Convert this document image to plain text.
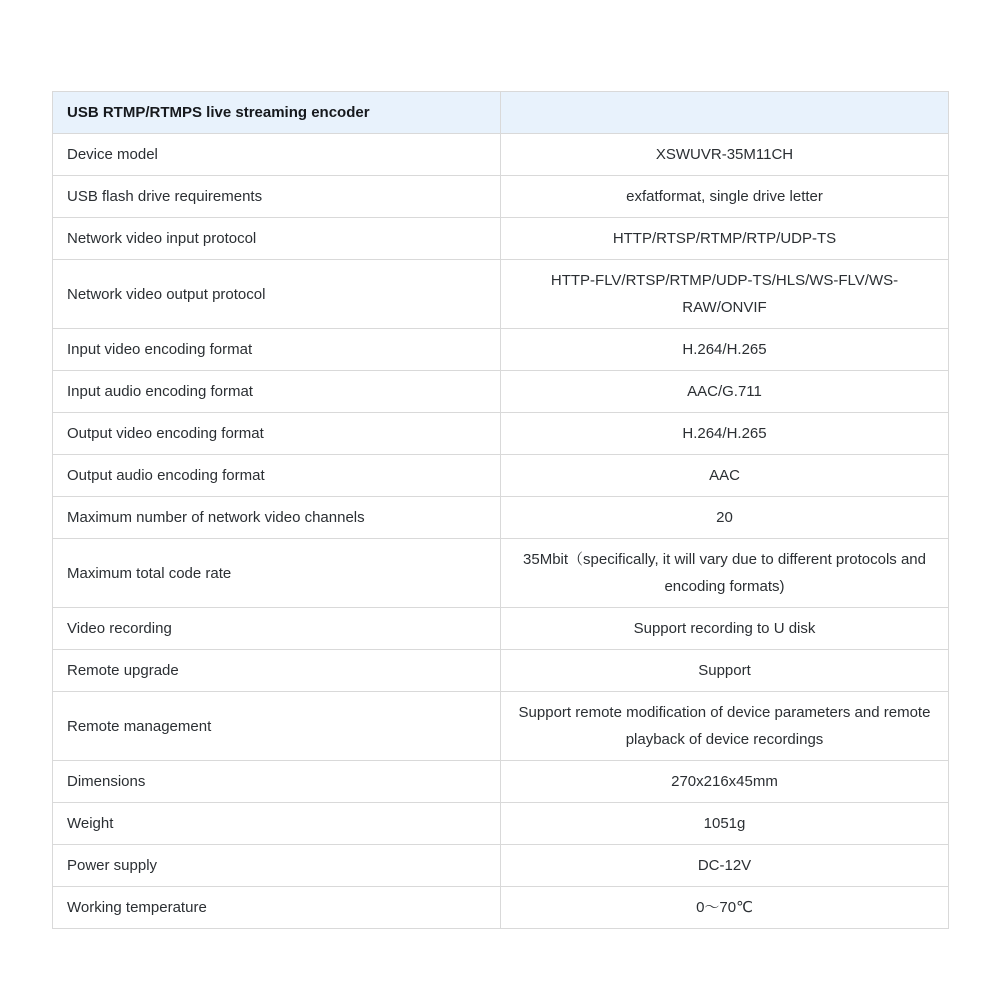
USB RTMP/RTMPS live streaming encoder	
Device model	XSWUVR-35M11CH
USB flash drive requirements	exfatformat, single drive letter
Network video input protocol	HTTP/RTSP/RTMP/RTP/UDP-TS
Network video output protocol	HTTP-FLV/RTSP/RTMP/UDP-TS/HLS/WS-FLV/WS-RAW/ONVIF
Input video encoding format	H.264/H.265
Input audio encoding format	AAC/G.711
Output video encoding format	H.264/H.265
Output audio encoding format	AAC
Maximum number of network video channels	20
Maximum total code rate	35Mbit（specifically, it will vary due to different protocols and encoding formats)
Video recording	Support recording to U disk
Remote upgrade	Support
Remote management	Support remote modification of device parameters and remote playback of device recordings
Dimensions	270x216x45mm
Weight	1051g
Power supply	DC-12V
Working temperature	0～70℃
